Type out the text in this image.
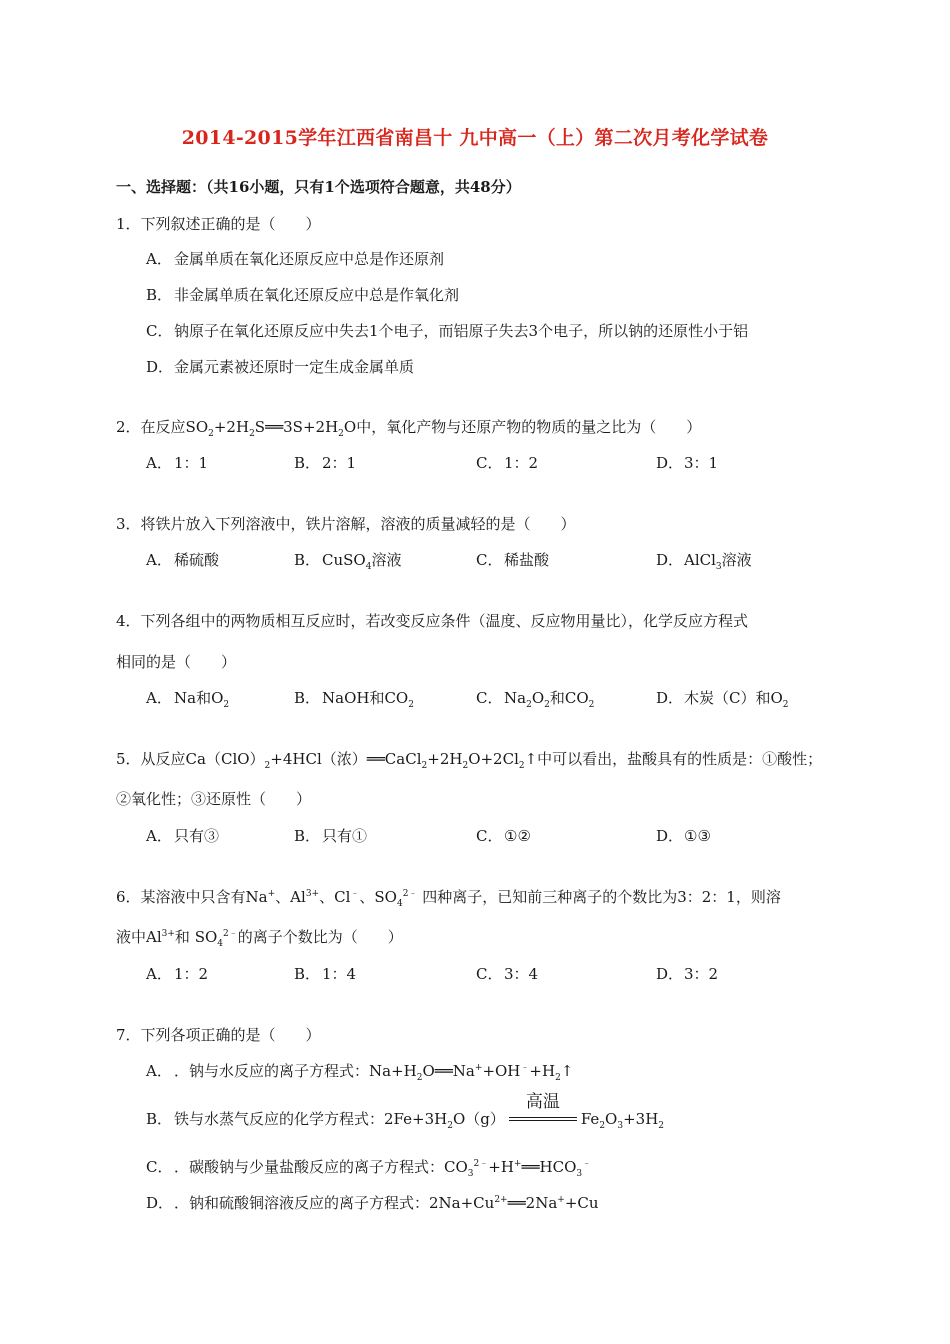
2014-2015学年江西省南昌十 九中高一（上）第二次月考化学试卷
一、选择题：（共16小题，只有1个选项符合题意，共48分）
1．下列叙述正确的是（　　）
A． 金属单质在氧化还原反应中总是作还原剂
B． 非金属单质在氧化还原反应中总是作氧化剂
C． 钠原子在氧化还原反应中失去1个电子，而铝原子失去3个电子，所以钠的还原性小于铝
D．金属元素被还原时一定生成金属单质
2．在反应$SO_2+2H_2S══3S+2H_2O$中，氧化产物与还原产物的物质的量之比为（　　）
A． 1：1	B． 2：1	C． 1：2	D．3：1
3．将铁片放入下列溶液中，铁片溶解，溶液的质量减轻的是（　　）
A． 稀硫酸	B． CuSO$_4$溶液	C． 稀盐酸	D．AlCl$_3$溶液
4．下列各组中的两物质相互反应时，若改变反应条件（温度、反应物用量比），化学反应方程式
相同的是（　　）
A． Na和$O_2$	B． NaOH和$CO_2$	C． $Na_2O_2$和$CO_2$	D．木炭（C）和$O_2$
5．从反应$Ca(ClO)_2+4HCl$（浓）$══CaCl_2+2H_2O+2Cl_2↑$中可以看出，盐酸具有的性质是：①酸性；
②氧化性；③还原性（　　）
A． 只有③	B． 只有①	C． ①②	D．①③
6．某溶液中只含有Na+、$Al^{3+}$、Cl﹣、$SO_4^{2﹣}$ 四种离子，已知前三种离子的个数比为3：2：1，则溶
液中$Al^{3+}$和 $SO_4^{2﹣}$的离子个数比为（　　）
A． 1：2	B． 1：4	C． 3：4	D．3：2
7．下列各项正确的是（　　）
A． ．钠与水反应的离子方程式：$Na+H_2O══Na^++OH^﹣+H_2↑$
B． 铁与水蒸气反应的化学方程式：$2Fe+3H_2O(g)$
高温
$Fe_2O_3+3H_2$
C． ．碳酸钠与少量盐酸反应的离子方程式：$CO_3^{2﹣}+H^+══HCO_3^﹣$
D．．钠和硫酸铜溶液反应的离子方程式：$2Na+Cu^{2+}══2Na^++Cu$
